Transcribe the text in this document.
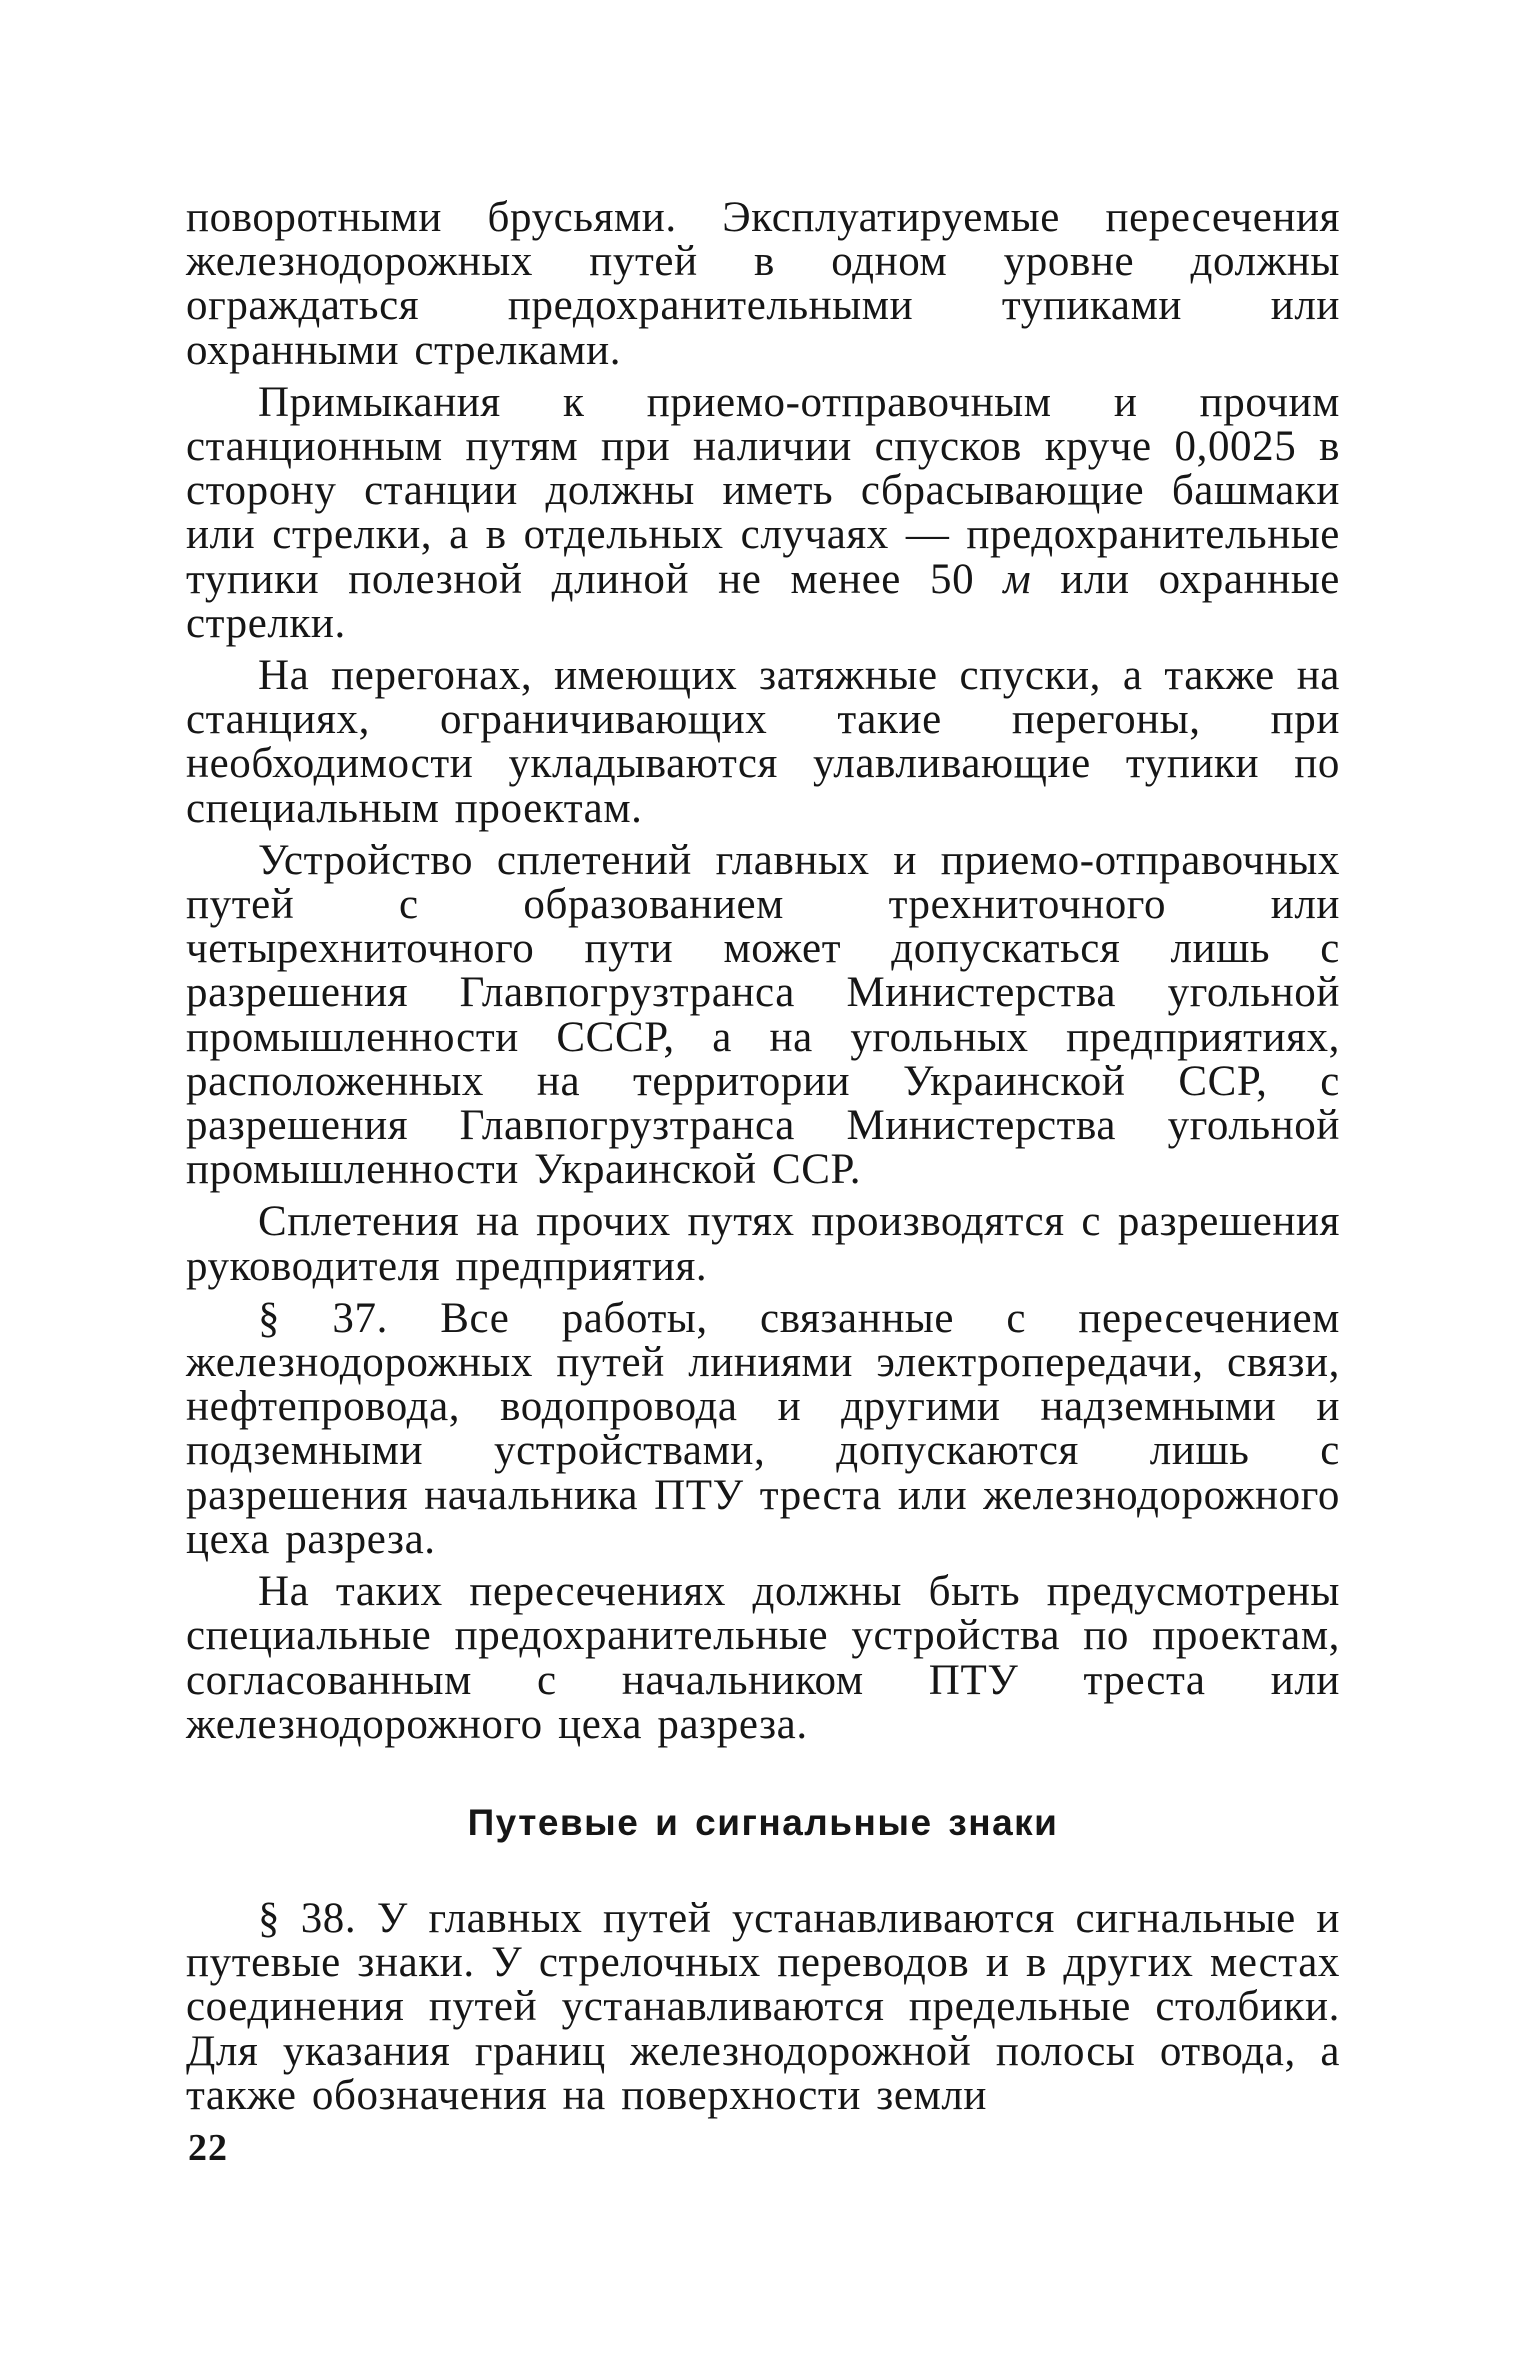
поворотными брусьями. Эксплуатируемые пересечения железнодорожных путей в одном уровне должны ограждаться предохранительными тупиками или охранными стрелками.

Примыкания к приемо-отправочным и прочим станционным путям при наличии спусков круче 0,0025 в сторону станции должны иметь сбрасывающие башмаки или стрелки, а в отдельных случаях — предохранительные тупики полезной длиной не менее 50 м или охранные стрелки.

На перегонах, имеющих затяжные спуски, а также на станциях, ограничивающих такие перегоны, при необходимости укладываются улавливающие тупики по специальным проектам.

Устройство сплетений главных и приемо-отправочных путей с образованием трехниточного или четырехниточного пути может допускаться лишь с разрешения Главпогрузтранса Министерства угольной промышленности СССР, а на угольных предприятиях, расположенных на территории Украинской ССР, с разрешения Главпогрузтранса Министерства угольной промышленности Украинской ССР.

Сплетения на прочих путях производятся с разрешения руководителя предприятия.

§ 37. Все работы, связанные с пересечением железнодорожных путей линиями электропередачи, связи, нефтепровода, водопровода и другими надземными и подземными устройствами, допускаются лишь с разрешения начальника ПТУ треста или железнодорожного цеха разреза.

На таких пересечениях должны быть предусмотрены специальные предохранительные устройства по проектам, согласованным с начальником ПТУ треста или железнодорожного цеха разреза.

Путевые и сигнальные знаки

§ 38. У главных путей устанавливаются сигнальные и путевые знаки. У стрелочных переводов и в других местах соединения путей устанавливаются предельные столбики. Для указания границ железнодорожной полосы отвода, а также обозначения на поверхности земли

22
